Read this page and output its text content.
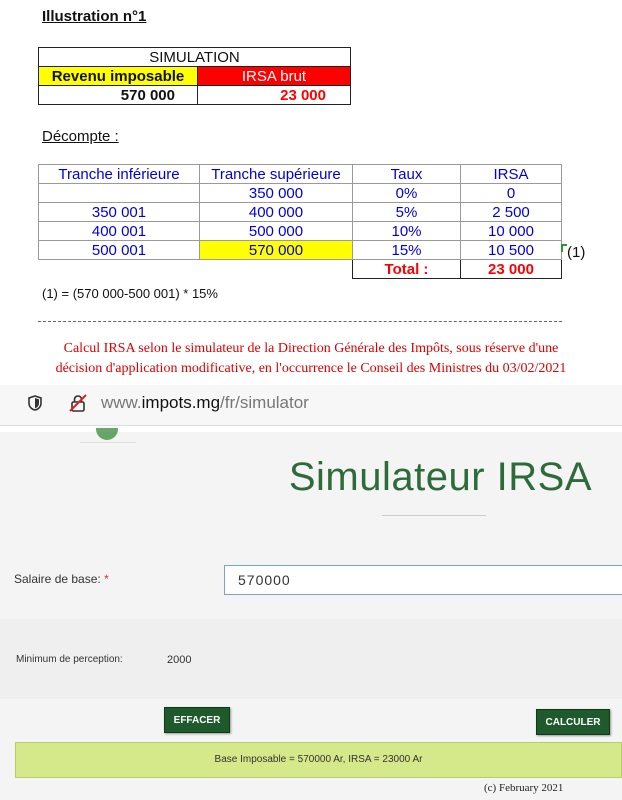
Illustration n°1
SIMULATION	
Revenu imposable	IRSA brut
570 000	23 000
Décompte :
Tranche inférieure	Tranche supérieure	Taux	IRSA
	350 000	0%	0
350 001	400 000	5%	2 500
400 001	500 000	10%	10 000
500 001	570 000	15%	10 500
		Total :	23 000
(1)
(1) = (570 000-500 001) * 15%
Calcul IRSA selon le simulateur de la Direction Générale des Impôts, sous réserve d'une
décision d'application modificative, en l'occurrence le Conseil des Ministres du 03/02/2021
www.impots.mg/fr/simulator
Simulateur IRSA
Salaire de base: *
570000
Minimum de perception:	2000
EFFACER	CALCULER
Base Imposable = 570000 Ar, IRSA = 23000 Ar
(c) February 2021
